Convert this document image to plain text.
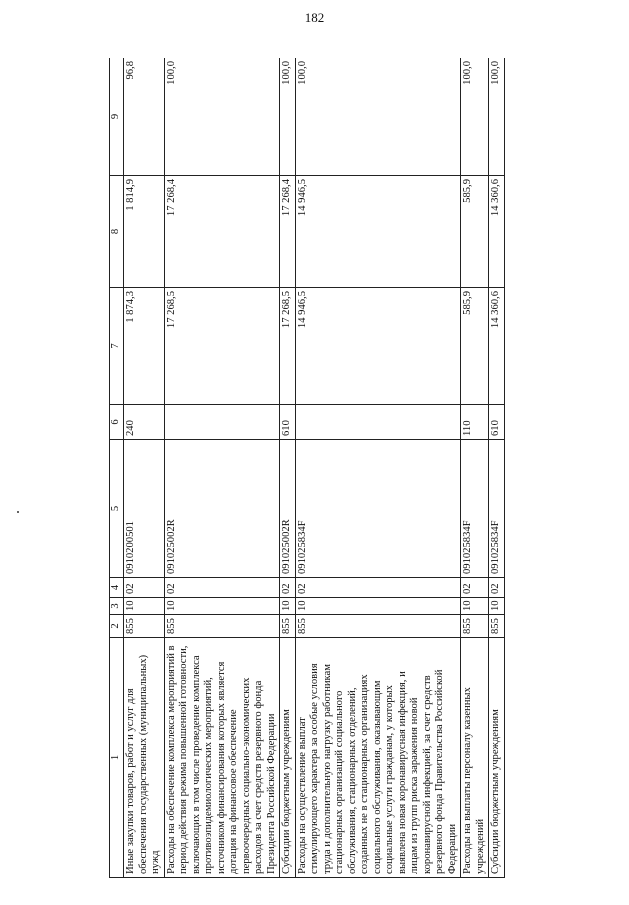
182
1	2	3	4	5	6	7	8	9
Иные закупки товаров, работ и услуг для обеспечения государственных (муниципальных) нужд	855	10	02	0910200501	240	1 874,3	1 814,9	96,8
Расходы на обеспечение комплекса мероприятий в период действия режима повышенной готовности, включающих в том числе проведение комплекса противоэпидемиологических мероприятий, источником финансирования которых является дотация на финансовое обеспечение первоочередных социально-экономических расходов за счет средств резервного фонда Президента Российской Федерации	855	10	02	091025002R		17 268,5	17 268,4	100,0
Субсидии бюджетным учреждениям	855	10	02	091025002R	610	17 268,5	17 268,4	100,0
Расходы на осуществление выплат стимулирующего характера за особые условия труда и дополнительную нагрузку работникам стационарных организаций социального обслуживания, стационарных отделений, созданных не в стационарных организациях социального обслуживания, оказывающим социальные услуги гражданам, у которых выявлена новая коронавирусная инфекция, и лицам из групп риска заражения новой коронавирусной инфекцией, за счет средств резервного фонда Правительства Российской Федерации	855	10	02	091025834F		14 946,5	14 946,5	100,0
Расходы на выплаты персоналу казенных учреждений	855	10	02	091025834F	110	585,9	585,9	100,0
Субсидии бюджетным учреждениям	855	10	02	091025834F	610	14 360,6	14 360,6	100,0
